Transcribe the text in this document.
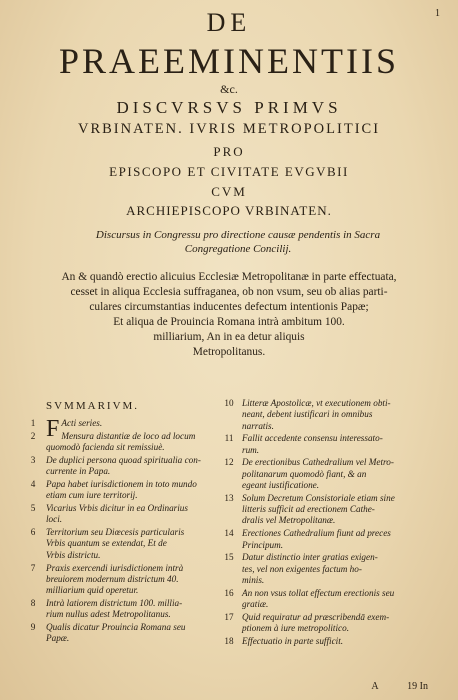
1
DE
PRAEEMINENTIIS
&c.
DISCVRSVS PRIMVS
VRBINATEN. IVRIS METROPOLITICI
PRO
EPISCOPO ET CIVITATE EVGVBII
CVM
ARCHIEPISCOPO VRBINATEN.
Discursus in Congressu pro directione causæ pendentis in Sacra
Congregatione Concilij.
An & quandò erectio alicuius Ecclesiæ Metropolitanæ in parte effectuata,
cesset in aliqua Ecclesia suffraganea, ob non vsum, seu ob alias parti-
culares circumstantias inducentes defectum intentionis Papæ;
Et aliqua de Prouincia Romana intrà ambitum 100.
milliarium, An in ea detur aliquis
Metropolitanus.
SVMMARIVM.
1 F Acti series.
2	Mensura distantiæ de loco ad locum
quomodò facienda sit remissiuè.
3	De duplici persona quoad spiritualia con-
currente in Papa.
4	Papa habet iurisdictionem in toto mundo
etiam cum iure territorij.
5	Vicarius Vrbis dicitur in ea Ordinarius
loci.
6	Territorium seu Diœcesis particularis
Vrbis quantum se extendat, Et de
Vrbis districtu.
7	Praxis exercendi iurisdictionem intrà
breuiorem modernum districtum 40.
milliarium quid operetur.
8	Intrà latiorem districtum 100. millia-
rium nullus adest Metropolitanus.
9	Qualis dicatur Prouincia Romana seu
Papæ.
10 Litteræ Apostolicæ, vt executionem obti-
neant, debent iustificari in omnibus
narratis.
11 Fallit accedente consensu interessato-
rum.
12 De erectionibus Cathedralium vel Metro-
politanarum quomodò fiant, & an
egeant iustificatione.
13 Solum Decretum Consistoriale etiam sine
litteris sufficit ad erectionem Cathe-
dralis vel Metropolitanæ.
14 Erectiones Cathedralium fiunt ad preces
Principum.
15 Datur distinctio inter gratias exigen-
tes, vel non exigentes factum ho-
minis.
16 An non vsus tollat effectum erectionis seu
gratiæ.
17 Quid requiratur ad præscribendā exem-
ptionem à iure metropolitico.
18 Effectuatio in parte sufficit.
A	19 In
